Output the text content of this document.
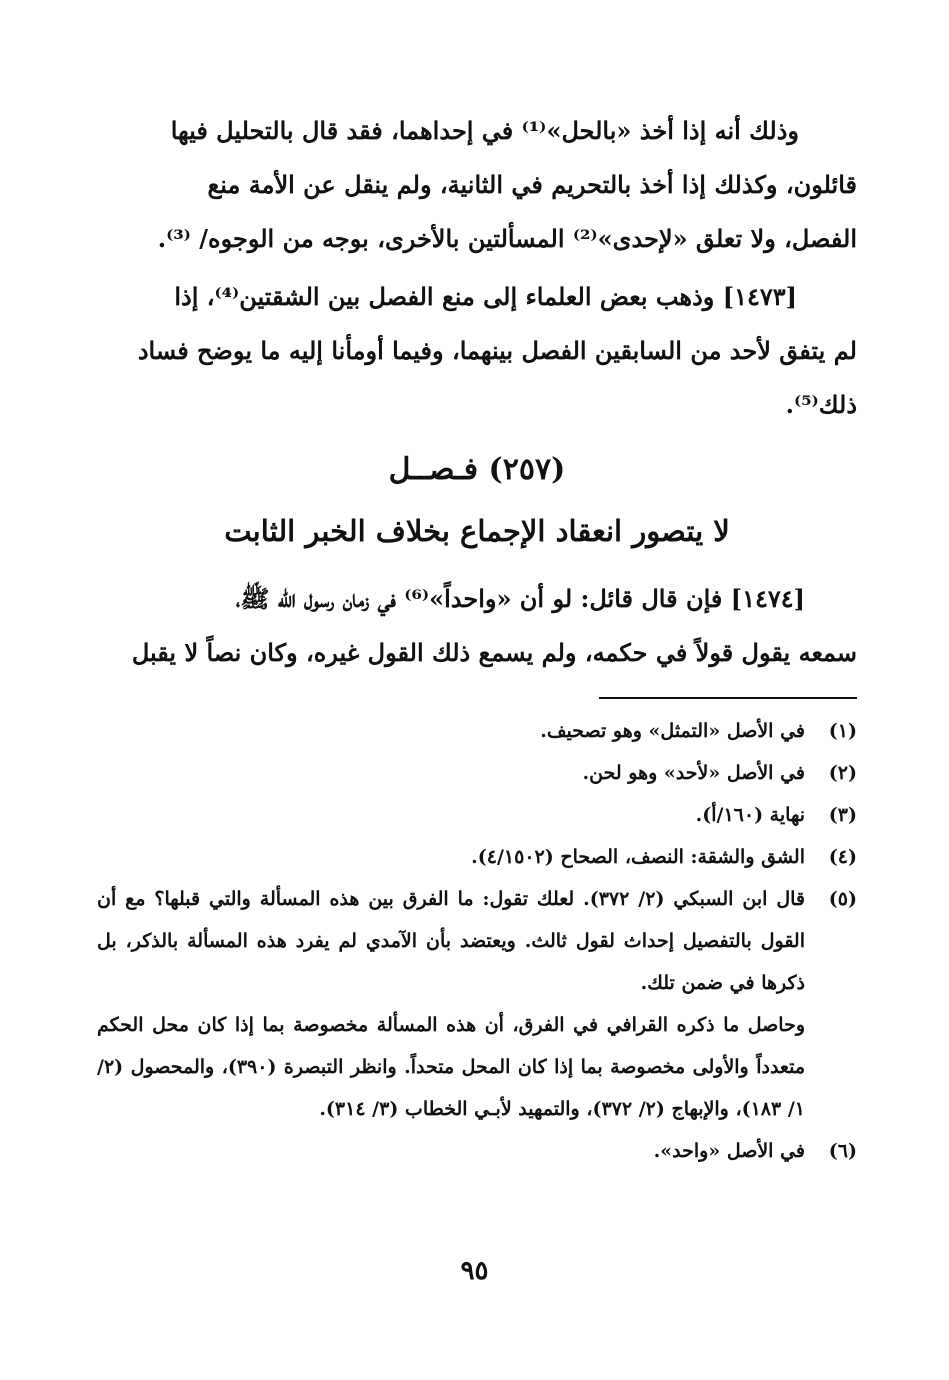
وذلك أنه إذا أخذ «بالحل»⁽¹⁾ في إحداهما، فقد قال بالتحليل فيها
قائلون، وكذلك إذا أخذ بالتحريم في الثانية، ولم ينقل عن الأمة منع
الفصل، ولا تعلق «لإحدى»⁽²⁾ المسألتين بالأخرى، بوجه من الوجوه/ ⁽³⁾.
[١٤٧٣] وذهب بعض العلماء إلى منع الفصل بين الشقتين⁽⁴⁾، إذا
لم يتفق لأحد من السابقين الفصل بينهما، وفيما أومأنا إليه ما يوضح فساد
ذلك⁽⁵⁾.
(٢٥٧) فـصــل
لا يتصور انعقاد الإجماع بخلاف الخبر الثابت
[١٤٧٤] فإن قال قائل: لو أن «واحداً»⁽⁶⁾ في زمان رسول الله ﷺ،
سمعه يقول قولاً في حكمه، ولم يسمع ذلك القول غيره، وكان نصاً لا يقبل
(١)
في الأصل «التمثل» وهو تصحيف.
(٢)
في الأصل «لأحد» وهو لحن.
(٣)
نهاية (١٦٠/أ).
(٤)
الشق والشقة: النصف، الصحاح (٤/١٥٠٢).
(٥)
قال ابن السبكي (٢/ ٣٧٢). لعلك تقول: ما الفرق بين هذه المسألة والتي قبلها؟ مع أن القول بالتفصيل إحداث لقول ثالث. ويعتضد بأن الآمدي لم يفرد هذه المسألة بالذكر، بل ذكرها في ضمن تلك.
وحاصل ما ذكره القرافي في الفرق، أن هذه المسألة مخصوصة بما إذا كان محل الحكم متعدداً والأولى مخصوصة بما إذا كان المحل متحداً. وانظر التبصرة (٣٩٠)، والمحصول (٢/ ١/ ١٨٣)، والإبهاج (٢/ ٣٧٢)، والتمهيد لأبـي الخطاب (٣/ ٣١٤).
(٦)
في الأصل «واحد».
٩٥
